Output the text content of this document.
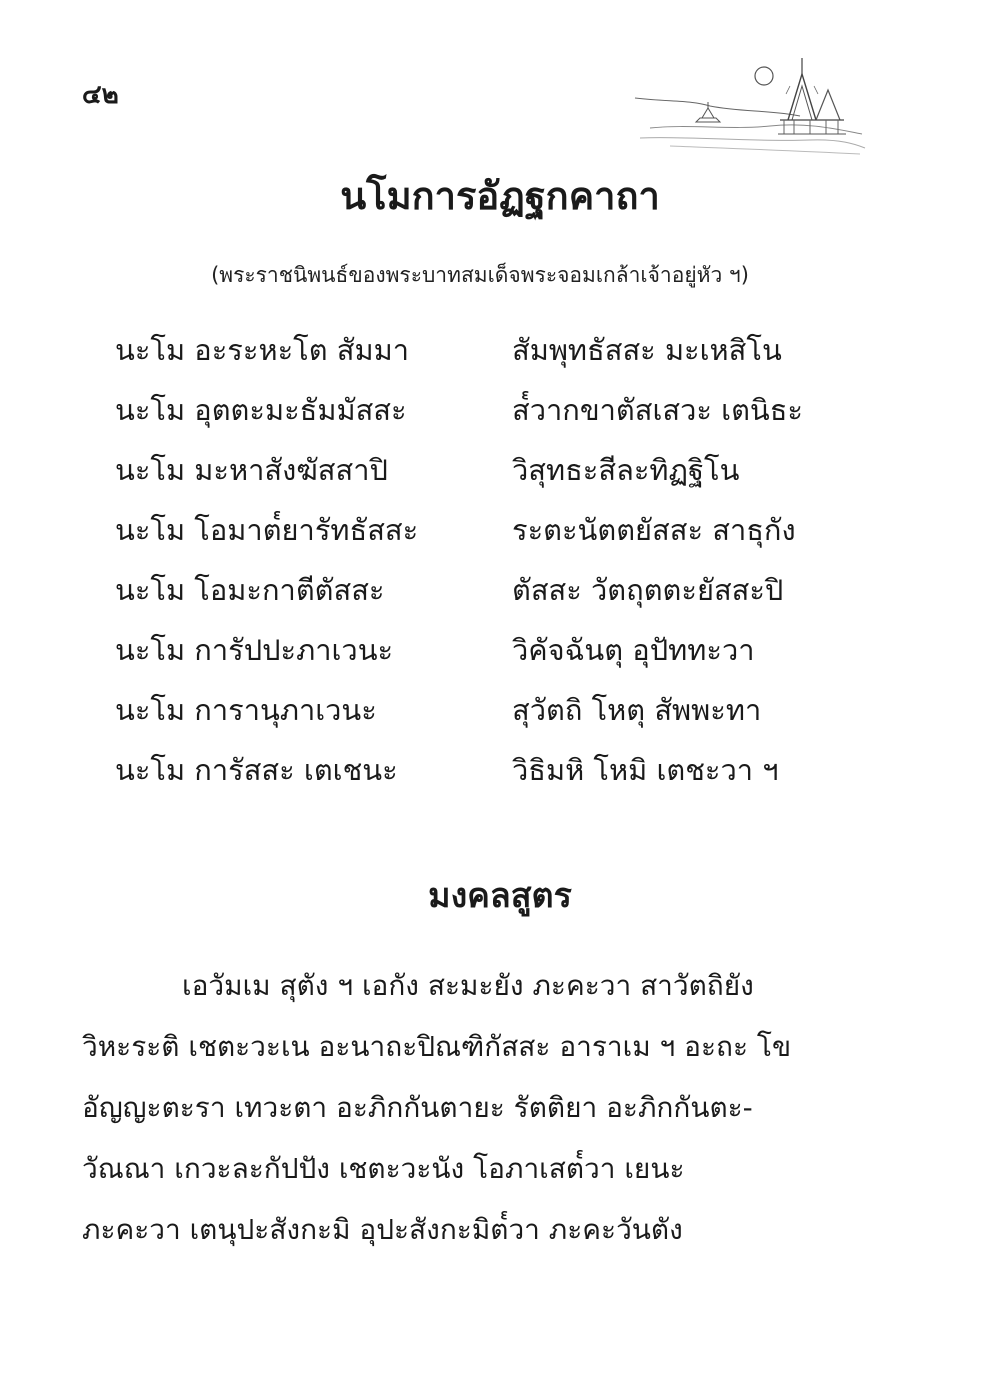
๔๒
นโมการอัฏฐกคาถา
(พระราชนิพนธ์ของพระบาทสมเด็จพระจอมเกล้าเจ้าอยู่หัว ฯ)
นะโม อะระหะโต สัมมา	สัมพุทธัสสะ มะเหสิโน
นะโม อุตตะมะธัมมัสสะ	ส๎วากขาตัสเสวะ เตนิธะ
นะโม มะหาสังฆัสสาปิ	วิสุทธะสีละทิฏฐิโน
นะโม โอมาต๎ยารัทธัสสะ	ระตะนัตตยัสสะ สาธุกัง
นะโม โอมะกาตีตัสสะ	ตัสสะ วัตถุตตะยัสสะปิ
นะโม การัปปะภาเวนะ	วิคัจฉันตุ อุปัททะวา
นะโม การานุภาเวนะ	สุวัตถิ โหตุ สัพพะทา
นะโม การัสสะ เตเชนะ	วิธิมหิ โหมิ เตชะวา ฯ
มงคลสูตร
เอวัมเม สุตัง ฯ เอกัง สะมะยัง ภะคะวา สาวัตถิยัง
วิหะระติ เชตะวะเน อะนาถะปิณฑิกัสสะ อาราเม ฯ อะถะ โข
อัญญะตะรา เทวะตา อะภิกกันตายะ รัตติยา อะภิกกันตะ-
วัณณา เกวะละกัปปัง เชตะวะนัง โอภาเสต๎วา เยนะ
ภะคะวา เตนุปะสังกะมิ อุปะสังกะมิต๎วา ภะคะวันตัง
